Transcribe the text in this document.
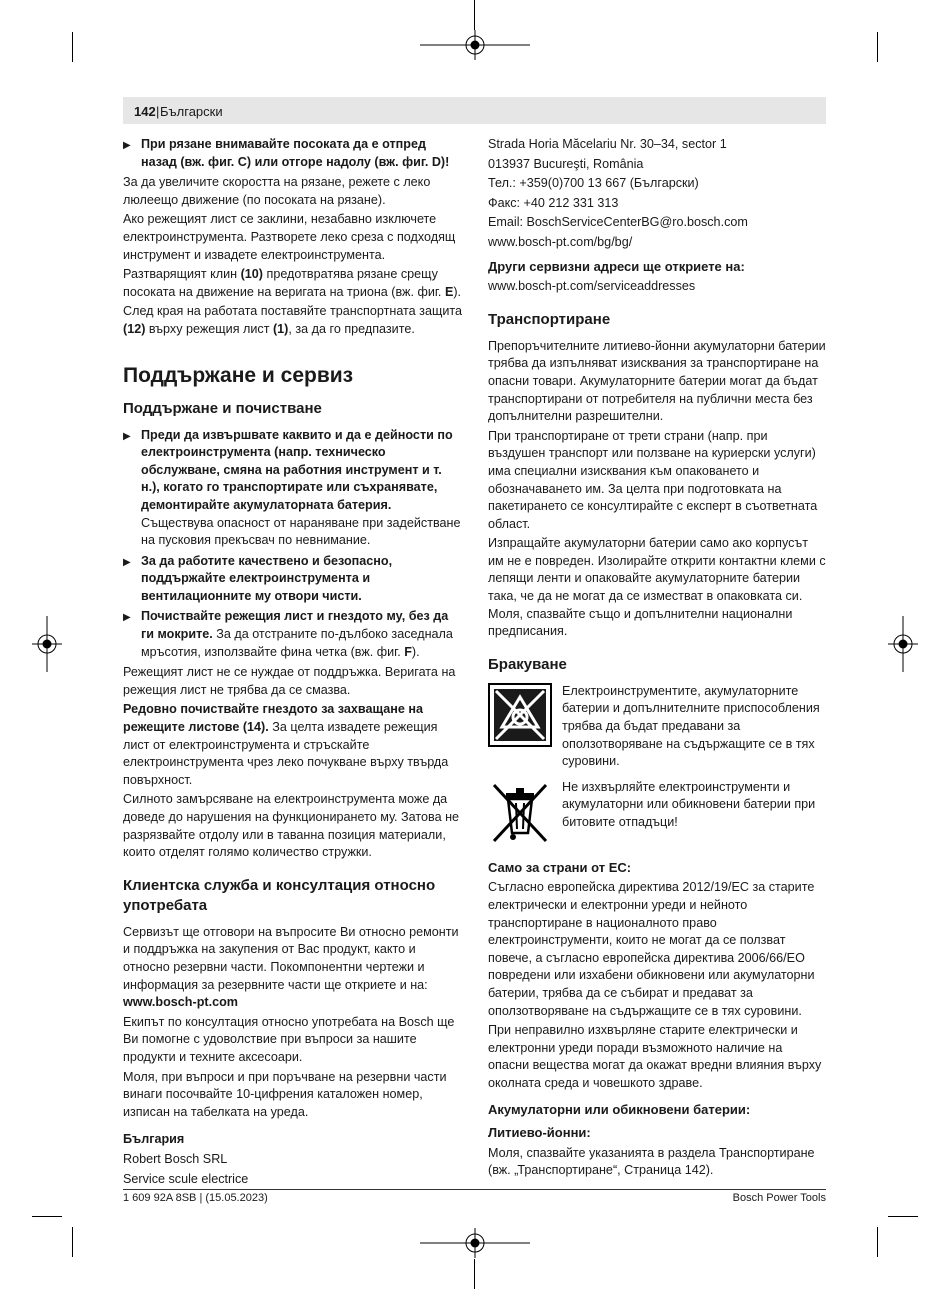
142 | Български

▶ При рязане внимавайте посоката да е отпред назад (вж. фиг. C) или отгоре надолу (вж. фиг. D)!

За да увеличите скоростта на рязане, режете с леко люлеещо движение (по посоката на рязане).

Ако режещият лист се заклини, незабавно изключете електроинструмента. Разтворете леко среза с подходящ инструмент и извадете електроинструмента.

Разтварящият клин (10) предотвратява рязане срещу посоката на движение на веригата на триона (вж. фиг. E).

След края на работата поставяйте транспортната защита (12) върху режещия лист (1), за да го предпазите.

Поддържане и сервиз
Поддържане и почистване

▶ Преди да извършвате каквито и да е дейности по електроинструмента (напр. техническо обслужване, смяна на работния инструмент и т. н.), когато го транспортирате или съхранявате, демонтирайте акумулаторната батерия. Съществува опасност от нараняване при задействане на пусковия прекъсвач по невнимание.

▶ За да работите качествено и безопасно, поддържайте електроинструмента и вентилационните му отвори чисти.

▶ Почиствайте режещия лист и гнездото му, без да ги мокрите. За да отстраните по-дълбоко заседнала мръсотия, използвайте фина четка (вж. фиг. F).

Режещият лист не се нуждае от поддръжка. Веригата на режещия лист не трябва да се смазва.

Редовно почиствайте гнездото за захващане на режещите листове (14). За целта извадете режещия лист от електроинструмента и стръскайте електроинструмента чрез леко почукване върху твърда повърхност.

Силното замърсяване на електроинструмента може да доведе до нарушения на функционирането му. Затова не разрязвайте отдолу или в таванна позиция материали, които отделят голямо количество стружки.

Клиентска служба и консултация относно употребата

Сервизът ще отговори на въпросите Ви относно ремонти и поддръжка на закупения от Вас продукт, както и относно резервни части. Покомпонентни чертежи и информация за резервните части ще откриете и на:

www.bosch-pt.com

Екипът по консултация относно употребата на Bosch ще Ви помогне с удоволствие при въпроси за нашите продукти и техните аксесоари.

Моля, при въпроси и при поръчване на резервни части винаги посочвайте 10-цифрения каталожен номер, изписан на табелката на уреда.

България

Robert Bosch SRL

Service scule electrice

Strada Horia Măcelariu Nr. 30–34, sector 1

013937 Bucureşti, România

Тел.: +359(0)700 13 667 (Български)

Факс: +40 212 331 313

Email: BoschServiceCenterBG@ro.bosch.com

www.bosch-pt.com/bg/bg/

Други сервизни адреси ще откриете на:

www.bosch-pt.com/serviceaddresses

Транспортиране

Препоръчителните литиево-йонни акумулаторни батерии трябва да изпълняват изисквания за транспортиране на опасни товари. Акумулаторните батерии могат да бъдат транспортирани от потребителя на публични места без допълнителни разрешителни.

При транспортиране от трети страни (напр. при въздушен транспорт или ползване на куриерски услуги) има специални изисквания към опаковането и обозначаването им. За целта при подготовката на пакетирането се консултирайте с експерт в съответната област.

Изпращайте акумулаторни батерии само ако корпусът им не е повреден. Изолирайте открити контактни клеми с лепящи ленти и опаковайте акумулаторните батерии така, че да не могат да се изместват в опаковката си. Моля, спазвайте също и допълнителни национални предписания.

Бракуване

Електроинструментите, акумулаторните батерии и допълнителните приспособления трябва да бъдат предавани за оползотворяване на съдържащите се в тях суровини.

Не изхвърляйте електроинструменти и акумулаторни или обикновени батерии при битовите отпадъци!

Само за страни от ЕС:

Съгласно европейска директива 2012/19/ЕС за старите електрически и електронни уреди и нейното транспортиране в националното право електроинструменти, които не могат да се ползват повече, а съгласно европейска директива 2006/66/ЕО повредени или изхабени обикновени или акумулаторни батерии, трябва да се събират и предават за оползотворяване на съдържащите се в тях суровини.

При неправилно изхвърляне старите електрически и електронни уреди поради възможното наличие на опасни вещества могат да окажат вредни влияния върху околната среда и човешкото здраве.

Акумулаторни или обикновени батерии:
Литиево-йонни:

Моля, спазвайте указанията в раздела Транспортиране (вж. „Транспортиране“, Страница 142).

1 609 92A 8SB | (15.05.2023)	Bosch Power Tools
